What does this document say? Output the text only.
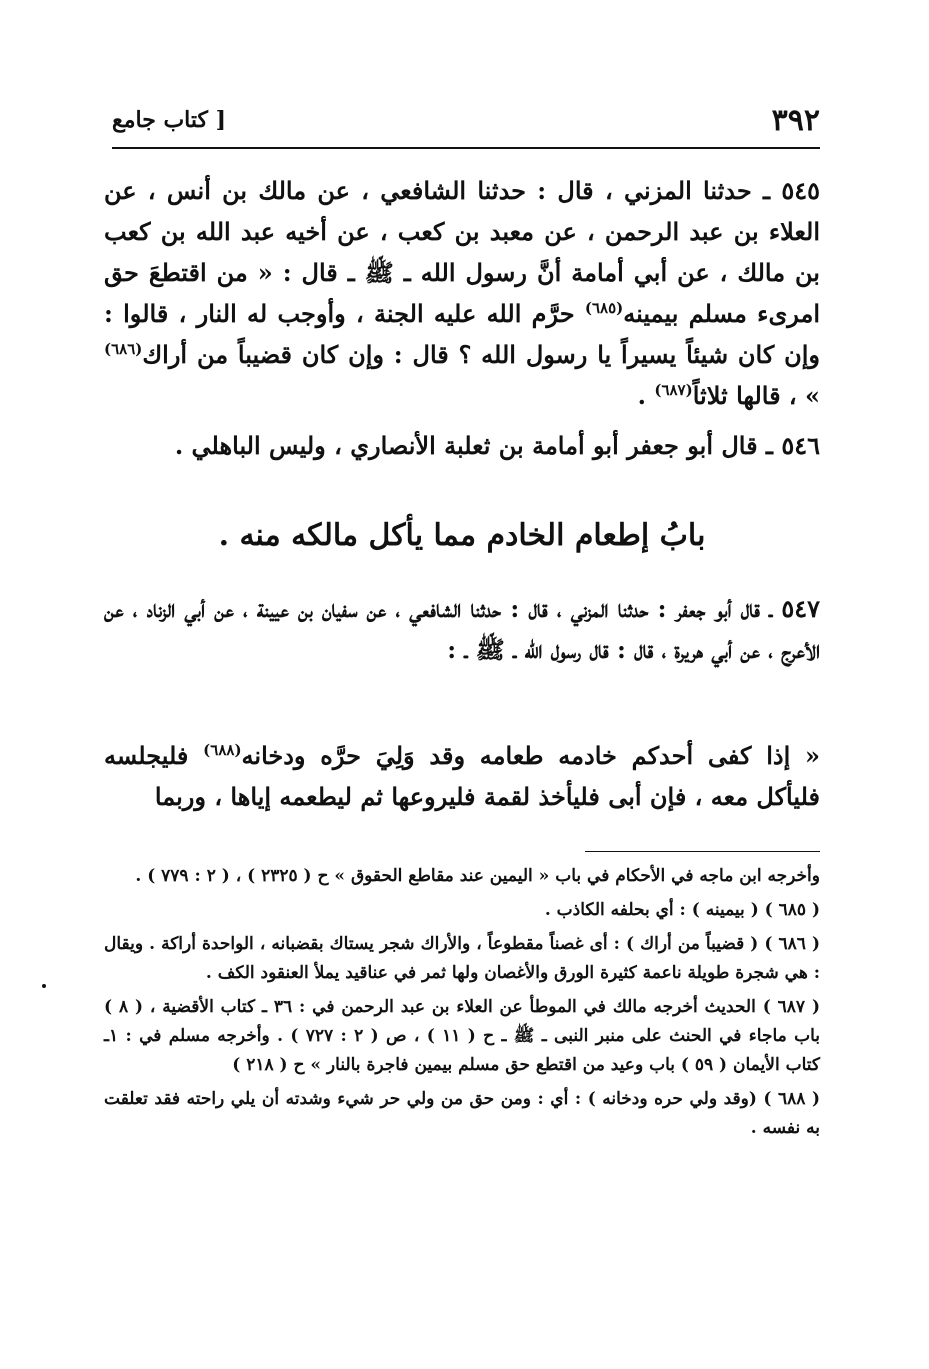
٣٩٢
[ كتاب جامع

٥٤٥ ـ حدثنا المزني ، قال : حدثنا الشافعي ، عن مالك بن أنس ، عن العلاء بن عبد الرحمن ، عن معبد بن كعب ، عن أخيه عبد الله بن كعب بن مالك ، عن أبي أمامة أنَّ رسول الله ـ ﷺ ـ قال : « من اقتطعَ حق امرىء مسلم بيمينه$^{(٦٨٥)}$ حرَّم الله عليه الجنة ، وأوجب له النار ، قالوا : وإن كان شيئاً يسيراً يا رسول الله ؟ قال : وإن كان قضيباً من أراك$^{(٦٨٦)}$ » ، قالها ثلاثاً$^{(٦٨٧)}$ .

٥٤٦ ـ قال أبو جعفر أبو أمامة بن ثعلبة الأنصاري ، وليس الباهلي .

بابُ إطعام الخادم مما يأكل مالكه منه .

٥٤٧ ـ قال أبو جعفر : حدثنا المزني ، قال : حدثنا الشافعي ، عن سفيان بن عيينة ، عن أبي الزناد ، عن الأعرج ، عن أبي هريرة ، قال : قال رسول الله ـ ﷺ ـ :

« إذا كفى أحدكم خادمه طعامه وقد وَلِيَ حرَّه ودخانه$^{(٦٨٨)}$ فليجلسه فليأكل معه ، فإن أبى فليأخذ لقمة فليروعها ثم ليطعمه إياها ، وربما

وأخرجه ابن ماجه في الأحكام في باب « اليمين عند مقاطع الحقوق » ح ( ٢٣٢٥ ) ، ( ٢ : ٧٧٩ ) .

( ٦٨٥ ) ( بيمينه ) : أي بحلفه الكاذب .

( ٦٨٦ ) ( قضيباً من أراك ) : أى غصناً مقطوعاً ، والأراك شجر يستاك بقضبانه ، الواحدة أراكة . ويقال : هي شجرة طويلة ناعمة كثيرة الورق والأغصان ولها ثمر في عناقيد يملأ العنقود الكف .

( ٦٨٧ ) الحديث أخرجه مالك في الموطأ عن العلاء بن عبد الرحمن في : ٣٦ ـ كتاب الأقضية ، ( ٨ ) باب ماجاء في الحنث على منبر النبى ـ ﷺ ـ ح ( ١١ ) ، ص ( ٢ : ٧٢٧ ) . وأخرجه مسلم في : ١ـ كتاب الأيمان ( ٥٩ ) باب وعيد من اقتطع حق مسلم بيمين فاجرة بالنار » ح ( ٢١٨ )

( ٦٨٨ ) (وقد ولي حره ودخانه ) : أي : ومن حق من ولي حر شيء وشدته أن يلي راحته فقد تعلقت به نفسه .
